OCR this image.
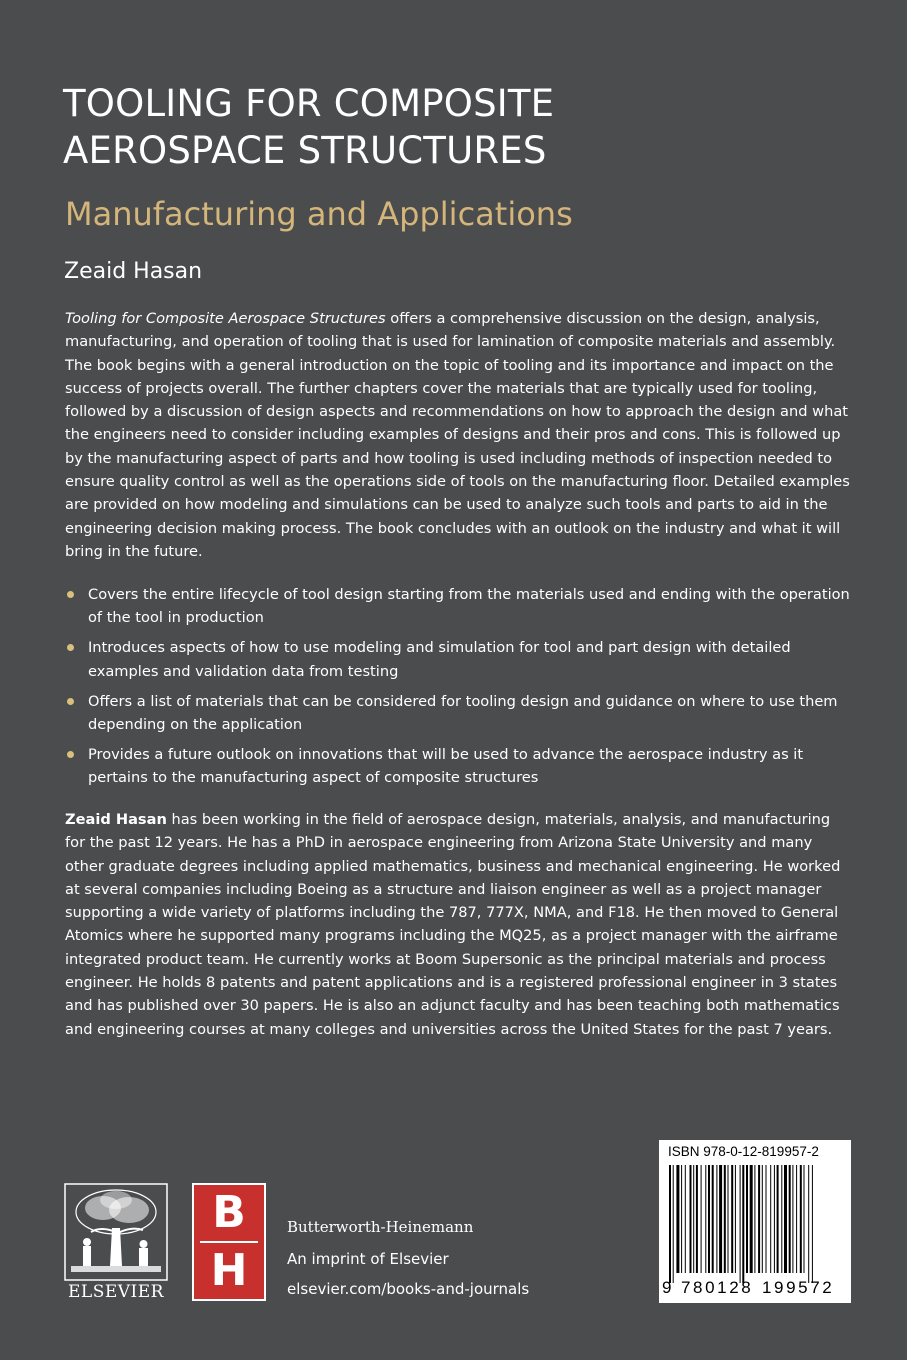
TOOLING FOR COMPOSITE
AEROSPACE STRUCTURES
Manufacturing and Applications
Zeaid Hasan

Tooling for Composite Aerospace Structures offers a comprehensive discussion on the design, analysis, manufacturing, and operation of tooling that is used for lamination of composite materials and assembly. The book begins with a general introduction on the topic of tooling and its importance and impact on the success of projects overall. The further chapters cover the materials that are typically used for tooling, followed by a discussion of design aspects and recommendations on how to approach the design and what the engineers need to consider including examples of designs and their pros and cons. This is followed up by the manufacturing aspect of parts and how tooling is used including methods of inspection needed to ensure quality control as well as the operations side of tools on the manufacturing floor. Detailed examples are provided on how modeling and simulations can be used to analyze such tools and parts to aid in the engineering decision making process. The book concludes with an outlook on the industry and what it will bring in the future.

Covers the entire lifecycle of tool design starting from the materials used and ending with the operation of the tool in production
Introduces aspects of how to use modeling and simulation for tool and part design with detailed examples and validation data from testing
Offers a list of materials that can be considered for tooling design and guidance on where to use them depending on the application
Provides a future outlook on innovations that will be used to advance the aerospace industry as it pertains to the manufacturing aspect of composite structures

Zeaid Hasan has been working in the field of aerospace design, materials, analysis, and manufacturing for the past 12 years. He has a PhD in aerospace engineering from Arizona State University and many other graduate degrees including applied mathematics, business and mechanical engineering. He worked at several companies including Boeing as a structure and liaison engineer as well as a project manager supporting a wide variety of platforms including the 787, 777X, NMA, and F18. He then moved to General Atomics where he supported many programs including the MQ25, as a project manager with the airframe integrated product team. He currently works at Boom Supersonic as the principal materials and process engineer. He holds 8 patents and patent applications and is a registered professional engineer in 3 states and has published over 30 papers. He is also an adjunct faculty and has been teaching both mathematics and engineering courses at many colleges and universities across the United States for the past 7 years.

ELSEVIER
B
H
Butterworth-Heinemann
An imprint of Elsevier
elsevier.com/books-and-journals
ISBN 978-0-12-819957-2
9 780128 199572
